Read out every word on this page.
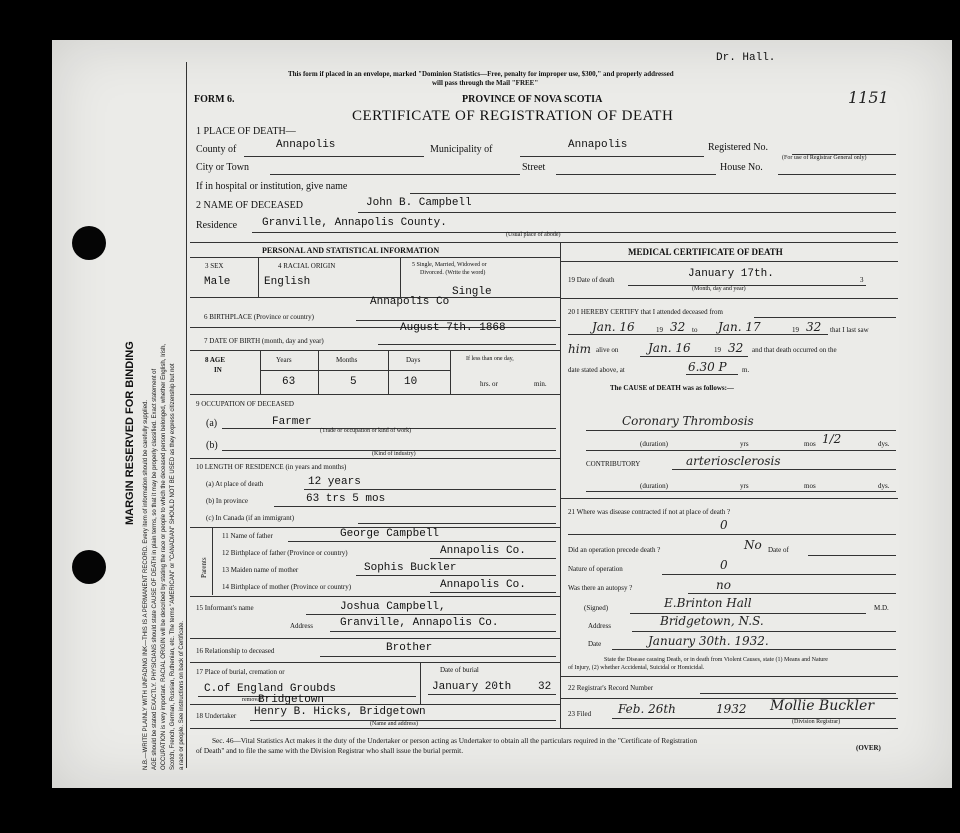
MARGIN RESERVED FOR BINDING N.B.—WRITE PLAINLY WITH UNFADING INK—THIS IS A PERMANENT RECORD. Every item of information should be carefully supplied. AGE should be stated EXACTLY. PHYSICIANS should state CAUSE OF DEATH in plain terms, so that it may be properly classified. Exact statement of OCCUPATION is very important. RACIAL ORIGIN will be described by stating the race or people to which the deceased person belonged, whether English, Irish, Scotch, French, German, Russian, Ruthenian, etc. The terms "AMERICAN" or "CANADIAN" SHOULD NOT BE USED as they express citizenship but not a race or people. See instructions on back of Certificate.
Dr. Hall.
This form if placed in an envelope, marked "Dominion Statistics—Free, penalty for improper use, $300," and properly addressed
will pass through the Mail "FREE"
1151
FORM 6.	PROVINCE OF NOVA SCOTIA
CERTIFICATE OF REGISTRATION OF DEATH
1 PLACE OF DEATH—
County of	Annapolis	Municipality of	Annapolis	Registered No.
(For use of Registrar General only)
City or Town	Street	House No.
If in hospital or institution, give name
2 NAME OF DECEASED	John B. Campbell
Residence Granville, Annapolis County.
(Usual place of abode)
PERSONAL AND STATISTICAL INFORMATION
3 SEX
Male
4 RACIAL ORIGIN
English
5 Single, Married, Widowed or
Divorced. (Write the word)
Single
Annapolis Co
6 BIRTHPLACE (Province or country)
August 7th. 1868
7 DATE OF BIRTH (month, day and year)
8 AGE
IN
Years	Months	Days	If less than one day,
63	5	10	hrs. or	min.
9 OCCUPATION OF DECEASED
(a)	Farmer
(Trade or occupation or kind of work)
(b)
(Kind of industry)
10 LENGTH OF RESIDENCE (in years and months)
(a) At place of death	12 years
(b) In province	63 trs 5 mos
(c) In Canada (if an immigrant)
Parents
11 Name of father	George Campbell
12 Birthplace of father (Province or country)	Annapolis Co.
13 Maiden name of mother	Sophis Buckler
14 Birthplace of mother (Province or country)	Annapolis Co.
15 Informant's name	Joshua Campbell,
Address Granville, Annapolis Co.
16 Relationship to deceased	Brother
17 Place of burial, cremation or	Date of burial
C.of England Groubds
removal
Bridgetown
January 20th 32
18 Undertaker Henry B. Hicks, Bridgetown
(Name and address)
MEDICAL CERTIFICATE OF DEATH
19 Date of death	January 17th.	3
(Month, day and year)
20 I HEREBY CERTIFY that I attended deceased from
Jan. 16	19 32 to Jan. 17	19 32 that I last saw
him alive on Jan. 16	19 32 and that death occurred on the
date stated above, at	6.30 P m.
The CAUSE of DEATH was as follows:—
Coronary Thrombosis
(duration)	yrs	mos 1/2	dys.
CONTRIBUTORY	arteriosclerosis
(duration)	yrs	mos	dys.
21 Where was disease contracted if not at place of death ?
0
Did an operation precede death ?	No Date of
Nature of operation	0
Was there an autopsy ?	no
(Signed)	E.Brinton Hall	M.D.
Address	Bridgetown, N.S.
Date	January 30th. 1932.
State the Disease causing Death, or in death from Violent Causes, state (1) Means and Nature
of Injury, (2) whether Accidental, Suicidal or Homicidal.
22 Registrar's Record Number
23 Filed Feb. 26th	1932 Mollie Buckler
(Division Registrar)
Sec. 46—Vital Statistics Act makes it the duty of the Undertaker or person acting as Undertaker to obtain all the particulars required in the "Certificate of Registration
of Death" and to file the same with the Division Registrar who shall issue the burial permit.	(OVER)
